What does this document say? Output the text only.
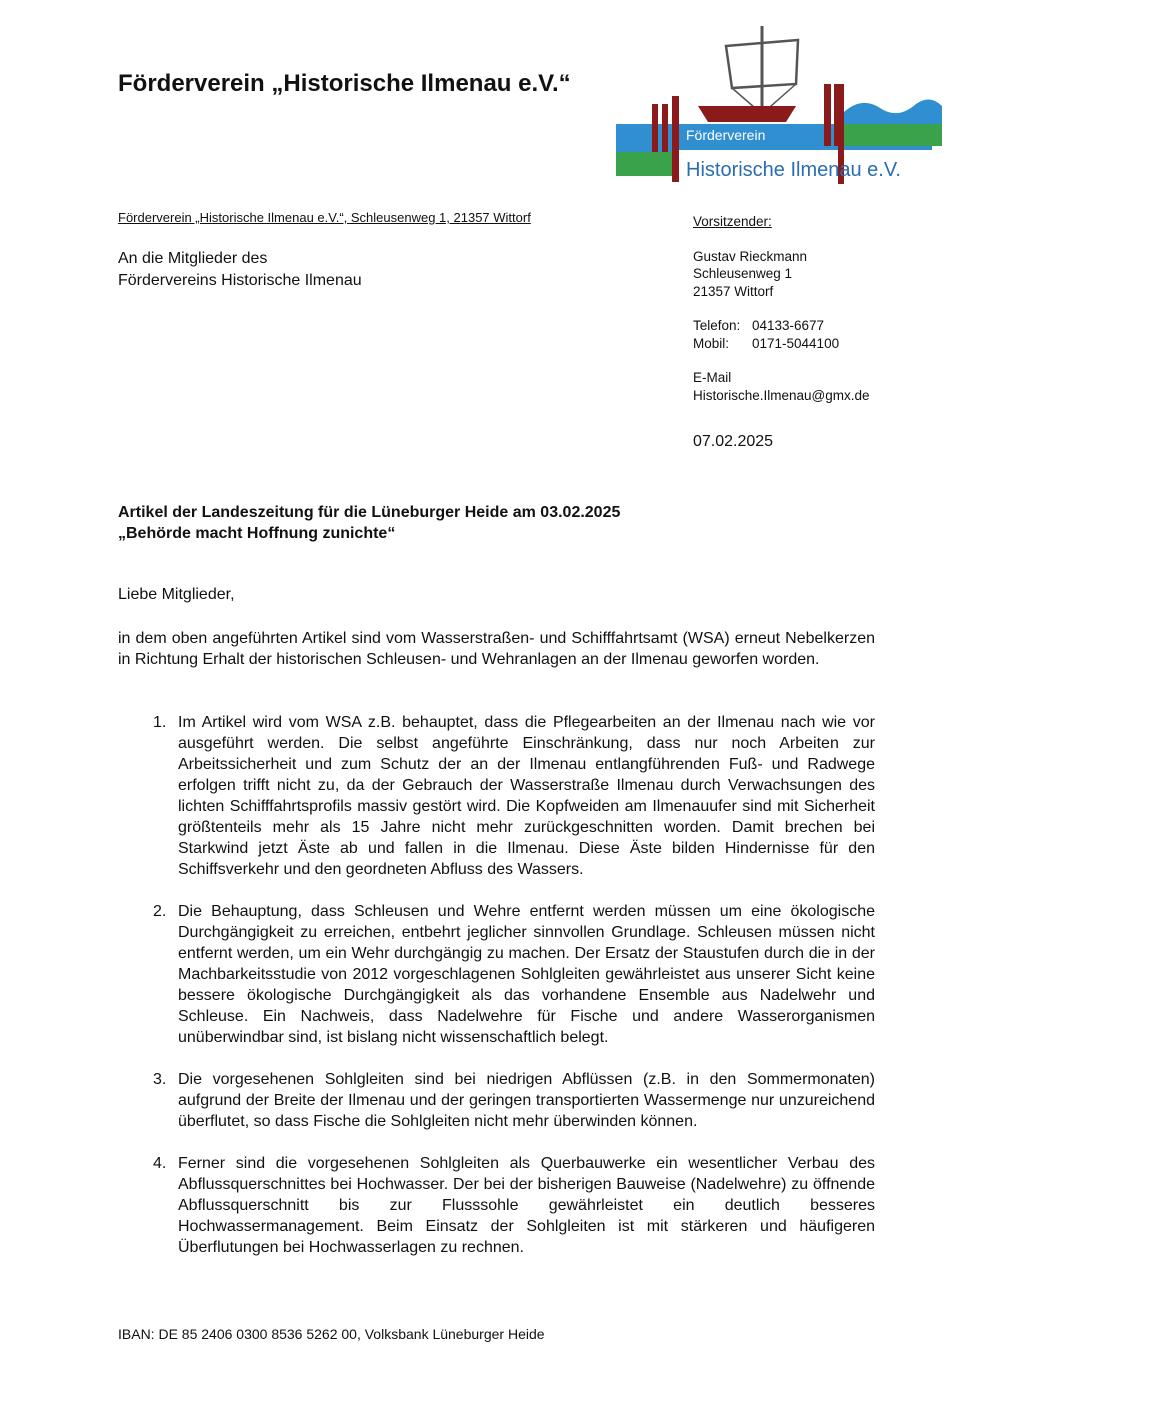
Förderverein „Historische Ilmenau e.V.“
Förderverein
Historische Ilmenau e.V.
Förderverein „Historische Ilmenau e.V.“, Schleusenweg 1, 21357 Wittorf
An die Mitglieder des
Fördervereins Historische Ilmenau
Vorsitzender:
Gustav Rieckmann
Schleusenweg 1
21357 Wittorf
Telefon: 04133-6677
Mobil: 0171-5044100
E-Mail
Historische.Ilmenau@gmx.de
07.02.2025
Artikel der Landeszeitung für die Lüneburger Heide am 03.02.2025
„Behörde macht Hoffnung zunichte“
Liebe Mitglieder,
in dem oben angeführten Artikel sind vom Wasserstraßen- und Schifffahrtsamt (WSA) erneut Nebelkerzen in Richtung Erhalt der historischen Schleusen- und Wehranlagen an der Ilmenau geworfen worden.
1. Im Artikel wird vom WSA z.B. behauptet, dass die Pflegearbeiten an der Ilmenau nach wie vor ausgeführt werden. Die selbst angeführte Einschränkung, dass nur noch Arbeiten zur Arbeitssicherheit und zum Schutz der an der Ilmenau entlangführenden Fuß- und Radwege erfolgen trifft nicht zu, da der Gebrauch der Wasserstraße Ilmenau durch Verwachsungen des lichten Schifffahrtsprofils massiv gestört wird. Die Kopfweiden am Ilmenauufer sind mit Sicherheit größtenteils mehr als 15 Jahre nicht mehr zurückgeschnitten worden. Damit brechen bei Starkwind jetzt Äste ab und fallen in die Ilmenau. Diese Äste bilden Hindernisse für den Schiffsverkehr und den geordneten Abfluss des Wassers.
2. Die Behauptung, dass Schleusen und Wehre entfernt werden müssen um eine ökologische Durchgängigkeit zu erreichen, entbehrt jeglicher sinnvollen Grundlage. Schleusen müssen nicht entfernt werden, um ein Wehr durchgängig zu machen. Der Ersatz der Staustufen durch die in der Machbarkeitsstudie von 2012 vorgeschlagenen Sohlgleiten gewährleistet aus unserer Sicht keine bessere ökologische Durchgängigkeit als das vorhandene Ensemble aus Nadelwehr und Schleuse. Ein Nachweis, dass Nadelwehre für Fische und andere Wasserorganismen unüberwindbar sind, ist bislang nicht wissenschaftlich belegt.
3. Die vorgesehenen Sohlgleiten sind bei niedrigen Abflüssen (z.B. in den Sommermonaten) aufgrund der Breite der Ilmenau und der geringen transportierten Wassermenge nur unzureichend überflutet, so dass Fische die Sohlgleiten nicht mehr überwinden können.
4. Ferner sind die vorgesehenen Sohlgleiten als Querbauwerke ein wesentlicher Verbau des Abflussquerschnittes bei Hochwasser. Der bei der bisherigen Bauweise (Nadelwehre) zu öffnende Abflussquerschnitt bis zur Flusssohle gewährleistet ein deutlich besseres Hochwassermanagement. Beim Einsatz der Sohlgleiten ist mit stärkeren und häufigeren Überflutungen bei Hochwasserlagen zu rechnen.
IBAN: DE 85 2406 0300 8536 5262 00, Volksbank Lüneburger Heide
